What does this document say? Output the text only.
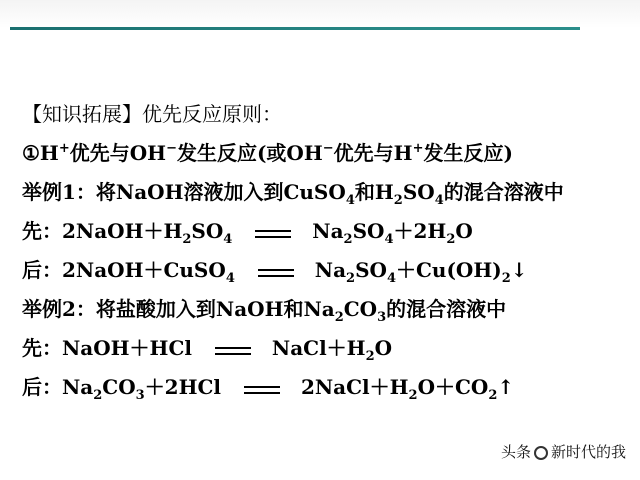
【知识拓展】优先反应原则：
①H+优先与OH−发生反应(或OH−优先与H+发生反应)
举例1：将NaOH溶液加入到CuSO$_4$和$H_2SO_4$的混合溶液中
先：$2NaOH+H_2SO_4$	$Na_2SO_4+2H_2O$
后：2NaOH＋CuSO$_4$	$Na_2SO_4+Cu(OH)_2↓$
举例2：将盐酸加入到NaOH和$Na_2CO_3$的混合溶液中
先：NaOH＋HCl	$NaCl+H_2O$
后：$Na_2CO_3+2HCl$	$2NaCl+H_2O+CO_2↑$
头条 新时代的我
